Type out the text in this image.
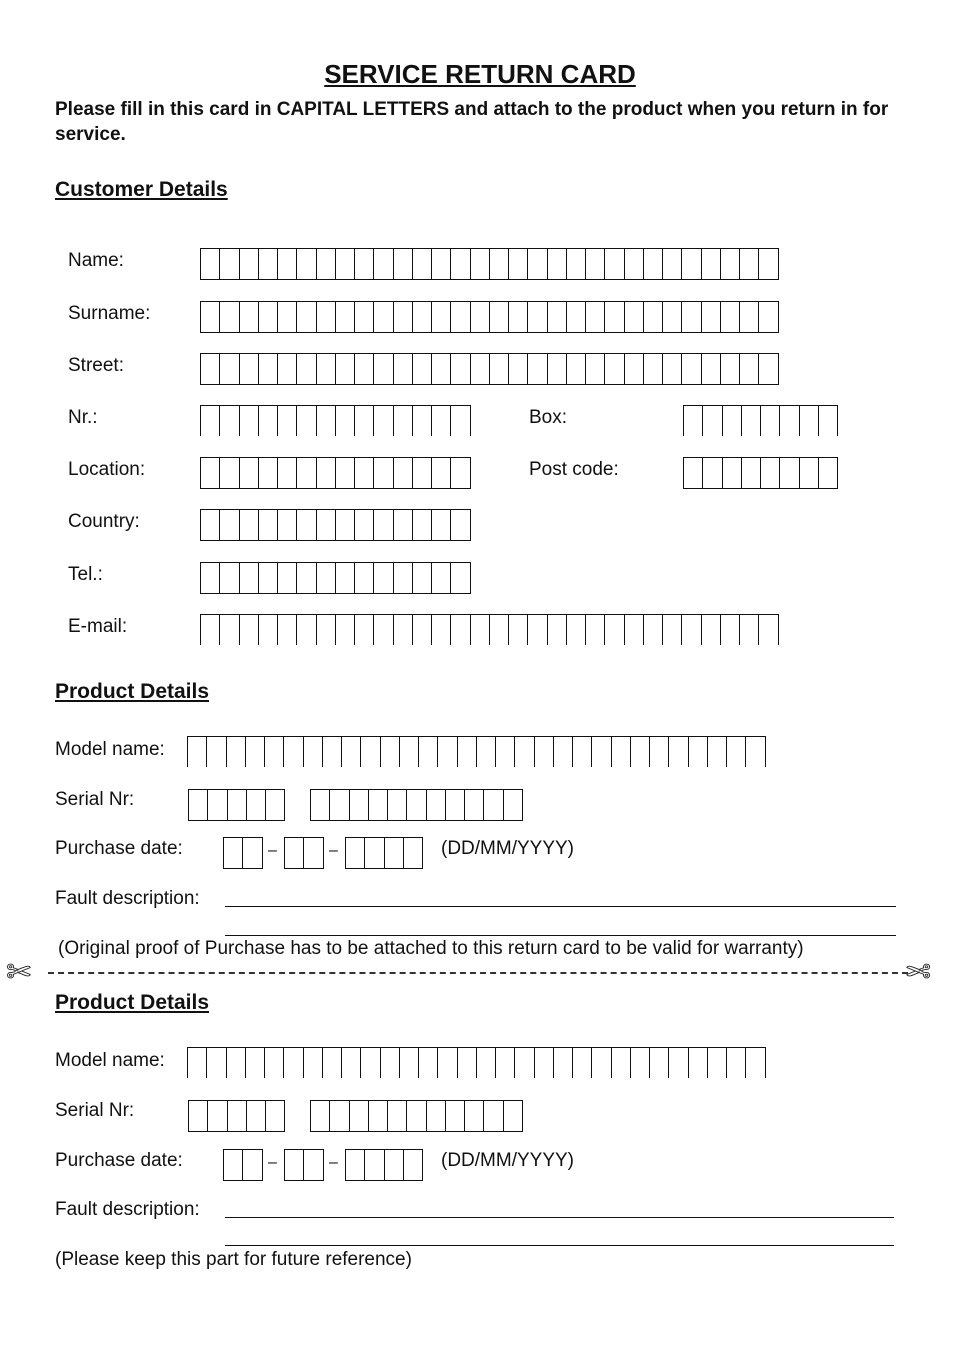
SERVICE RETURN CARD
Please fill in this card in CAPITAL LETTERS and attach to the product when you return in for service.
Customer Details
Name:
Surname:
Street:
Nr.:	Box:
Location:	Post code:
Country:
Tel.:
E-mail:
Product Details
Model name:
Serial Nr:
Purchase date:	–	–	(DD/MM/YYYY)
Fault description:
(Original proof of Purchase has to be attached to this return card to be valid for warranty)
✄	✄
Product Details
Model name:
Serial Nr:
Purchase date:	–	–	(DD/MM/YYYY)
Fault description:
(Please keep this part for future reference)
